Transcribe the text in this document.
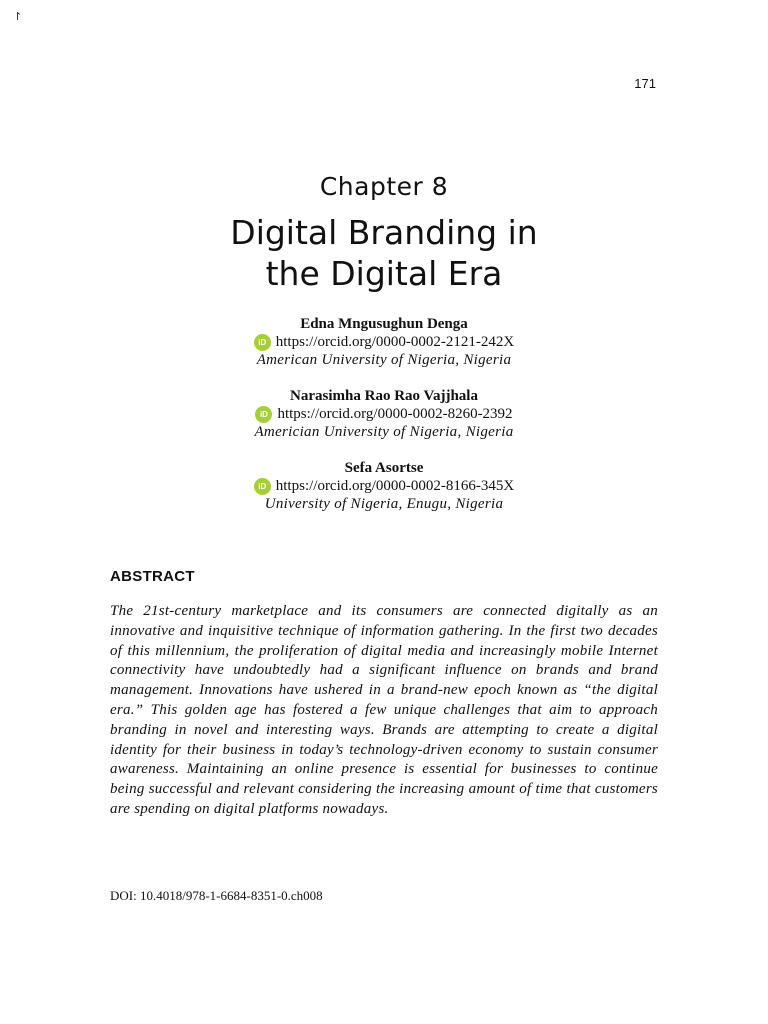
↾
171
Chapter 8
Digital Branding in
the Digital Era
Edna Mngusughun Denga
iD https://orcid.org/0000-0002-2121-242X
American University of Nigeria, Nigeria
Narasimha Rao Rao Vajjhala
iD https://orcid.org/0000-0002-8260-2392
Americian University of Nigeria, Nigeria
Sefa Asortse
iD https://orcid.org/0000-0002-8166-345X
University of Nigeria, Enugu, Nigeria
ABSTRACT
The 21st-century marketplace and its consumers are connected digitally as an innovative and inquisitive technique of information gathering. In the first two decades of this millennium, the proliferation of digital media and increasingly mobile Internet connectivity have undoubtedly had a significant influence on brands and brand management. Innovations have ushered in a brand-new epoch known as “the digital era.” This golden age has fostered a few unique challenges that aim to approach branding in novel and interesting ways. Brands are attempting to create a digital identity for their business in today’s technology-driven economy to sustain consumer awareness. Maintaining an online presence is essential for businesses to continue being successful and relevant considering the increasing amount of time that customers are spending on digital platforms nowadays.
DOI: 10.4018/978-1-6684-8351-0.ch008
